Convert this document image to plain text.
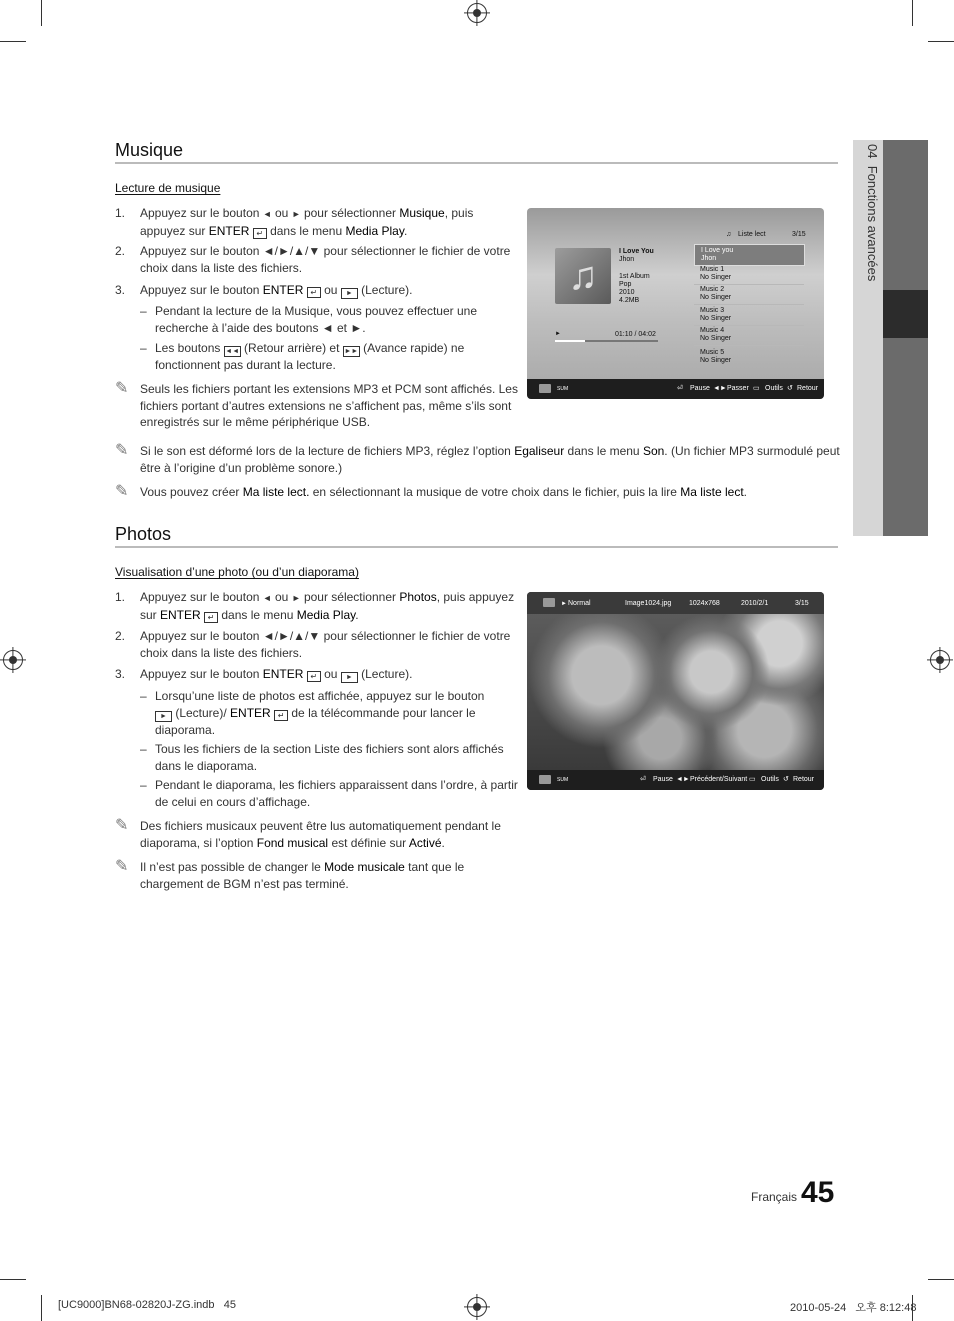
04  Fonctions avancées
Musique
Lecture de musique
1. Appuyez sur le bouton ◄ ou ► pour sélectionner Musique, puis
appuyez sur ENTER ↵ dans le menu Media Play.
2. Appuyez sur le bouton ◄/►/▲/▼ pour sélectionner le fichier de votre
choix dans la liste des fichiers.
3. Appuyez sur le bouton ENTER ↵ ou ► (Lecture).
– Pendant la lecture de la Musique, vous pouvez effectuer une
recherche à l’aide des boutons ◄ et ►.
– Les boutons ◄◄ (Retour arrière) et ►► (Avance rapide) ne
fonctionnent pas durant la lecture.
✎ Seuls les fichiers portant les extensions MP3 et PCM sont affichés. Les
fichiers portant d’autres extensions ne s’affichent pas, même s’ils sont
enregistrés sur le même périphérique USB.
✎ Si le son est déformé lors de la lecture de fichiers MP3, réglez l’option Egaliseur dans le menu Son. (Un fichier MP3 surmodulé peut
être à l’origine d’un problème sonore.)
✎ Vous pouvez créer Ma liste lect. en sélectionnant la musique de votre choix dans le fichier, puis la lire Ma liste lect.
♫ Liste lect	3/15
♫
I Love You
Jhon
1st Album
Pop
2010
4.2MB
►	01:10 / 04:02
I Love you
Jhon
Music 1
No Singer
Music 2
No Singer
Music 3
No Singer
Music 4
No Singer
Music 5
No Singer
SUM	⏎ Pause ◄► Passer ▭ Outils ↺ Retour
Photos
Visualisation d’une photo (ou d’un diaporama)
1. Appuyez sur le bouton ◄ ou ► pour sélectionner Photos, puis appuyez
sur ENTER ↵ dans le menu Media Play.
2. Appuyez sur le bouton ◄/►/▲/▼ pour sélectionner le fichier de votre
choix dans la liste des fichiers.
3. Appuyez sur le bouton ENTER ↵ ou ► (Lecture).
– Lorsqu’une liste de photos est affichée, appuyez sur le bouton
► (Lecture)/ ENTER ↵ de la télécommande pour lancer le
diaporama.
– Tous les fichiers de la section Liste des fichiers sont alors affichés
dans le diaporama.
– Pendant le diaporama, les fichiers apparaissent dans l’ordre, à partir
de celui en cours d’affichage.
✎ Des fichiers musicaux peuvent être lus automatiquement pendant le
diaporama, si l’option Fond musical est définie sur Activé.
✎ Il n’est pas possible de changer le Mode musicale tant que le
chargement de BGM n’est pas terminé.
► Normal	Image1024.jpg	1024x768	2010/2/1	3/15
SUM	⏎ Pause ◄► Précédent/Suivant ▭ Outils ↺ Retour
Français 45
[UC9000]BN68-02820J-ZG.indb   45	2010-05-24   오후 8:12:48
